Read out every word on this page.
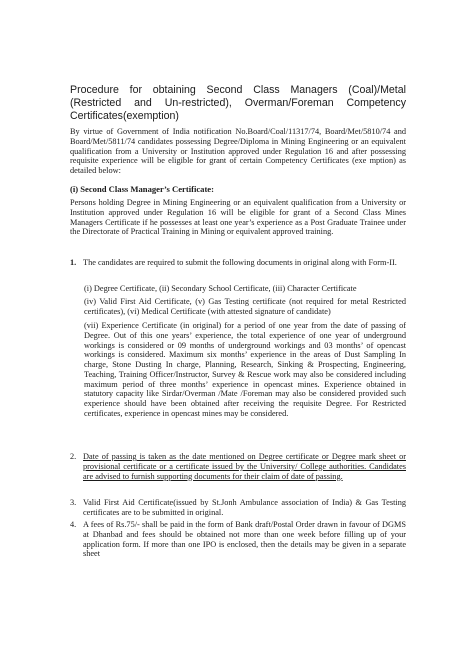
Procedure for obtaining Second Class Managers (Coal)/Metal (Restricted and Un-restricted), Overman/Foreman Competency Certificates(exemption)

By virtue of Government of India notification No.Board/Coal/11317/74, Board/Met/5810/74 and Board/Met/5811/74 candidates possessing Degree/Diploma in Mining Engineering or an equivalent qualification from a University or Institution approved under Regulation 16 and after possessing requisite experience will be eligible for grant of certain Competency Certificates (exe mption) as detailed below:

(i) Second Class Manager’s Certificate:

Persons holding Degree in Mining Engineering or an equivalent qualification from a University or Institution approved under Regulation 16 will be eligible for grant of a Second Class Mines Managers Certificate if he possesses at least one year’s experience as a Post Graduate Trainee under the Directorate of Practical Training in Mining or equivalent approved training.

1. The candidates are required to submit the following documents in original along with Form-II.

(i) Degree Certificate, (ii) Secondary School Certificate, (iii) Character Certificate

(iv) Valid First Aid Certificate, (v) Gas Testing certificate (not required for metal Restricted certificates), (vi) Medical Certificate (with attested signature of candidate)

(vii) Experience Certificate (in original) for a period of one year from the date of passing of Degree. Out of this one years’ experience, the total experience of one year of underground workings is considered or 09 months of underground workings and 03 months’ of opencast workings is considered. Maximum six months’ experience in the areas of Dust Sampling In charge, Stone Dusting In charge, Planning, Research, Sinking & Prospecting, Engineering, Teaching, Training Officer/Instructor, Survey & Rescue work may also be considered including maximum period of three months’ experience in opencast mines. Experience obtained in statutory capacity like Sirdar/Overman /Mate /Foreman may also be considered provided such experience should have been obtained after receiving the requisite Degree. For Restricted certificates, experience in opencast mines may be considered.

2. Date of passing is taken as the date mentioned on Degree certificate or Degree mark sheet or provisional certificate or a certificate issued by the University/ College authorities. Candidates are advised to furnish supporting documents for their claim of date of passing.
3. Valid First Aid Certificate(issued by St.Jonh Ambulance association of India) & Gas Testing certificates are to be submitted in original.
4. A fees of Rs.75/- shall be paid in the form of Bank draft/Postal Order drawn in favour of DGMS at Dhanbad and fees should be obtained not more than one week before filling up of your application form. If more than one IPO is enclosed, then the details may be given in a separate sheet
